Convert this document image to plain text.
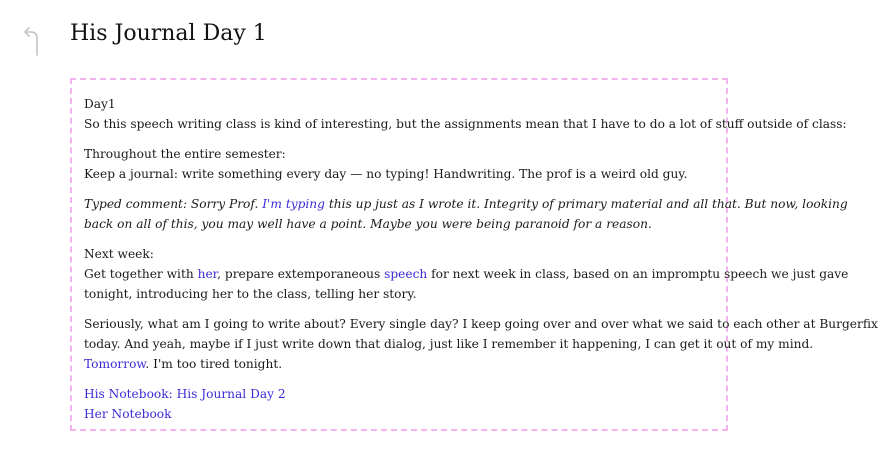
His Journal Day 1

Day1

So this speech writing class is kind of interesting, but the assignments mean that I have to do a lot of stuff outside of class:

Throughout the entire semester:
Keep a journal: write something every day — no typing! Handwriting. The prof is a weird old guy.

Typed comment: Sorry Prof. I'm typing this up just as I wrote it. Integrity of primary material and all that. But now, looking
back on all of this, you may well have a point. Maybe you were being paranoid for a reason.

Next week:
Get together with her, prepare extemporaneous speech for next week in class, based on an impromptu speech we just gave
tonight, introducing her to the class, telling her story.

Seriously, what am I going to write about? Every single day? I keep going over and over what we said to each other at Burgerfix
today. And yeah, maybe if I just write down that dialog, just like I remember it happening, I can get it out of my mind.
Tomorrow. I'm too tired tonight.

His Notebook: His Journal Day 2
Her Notebook
